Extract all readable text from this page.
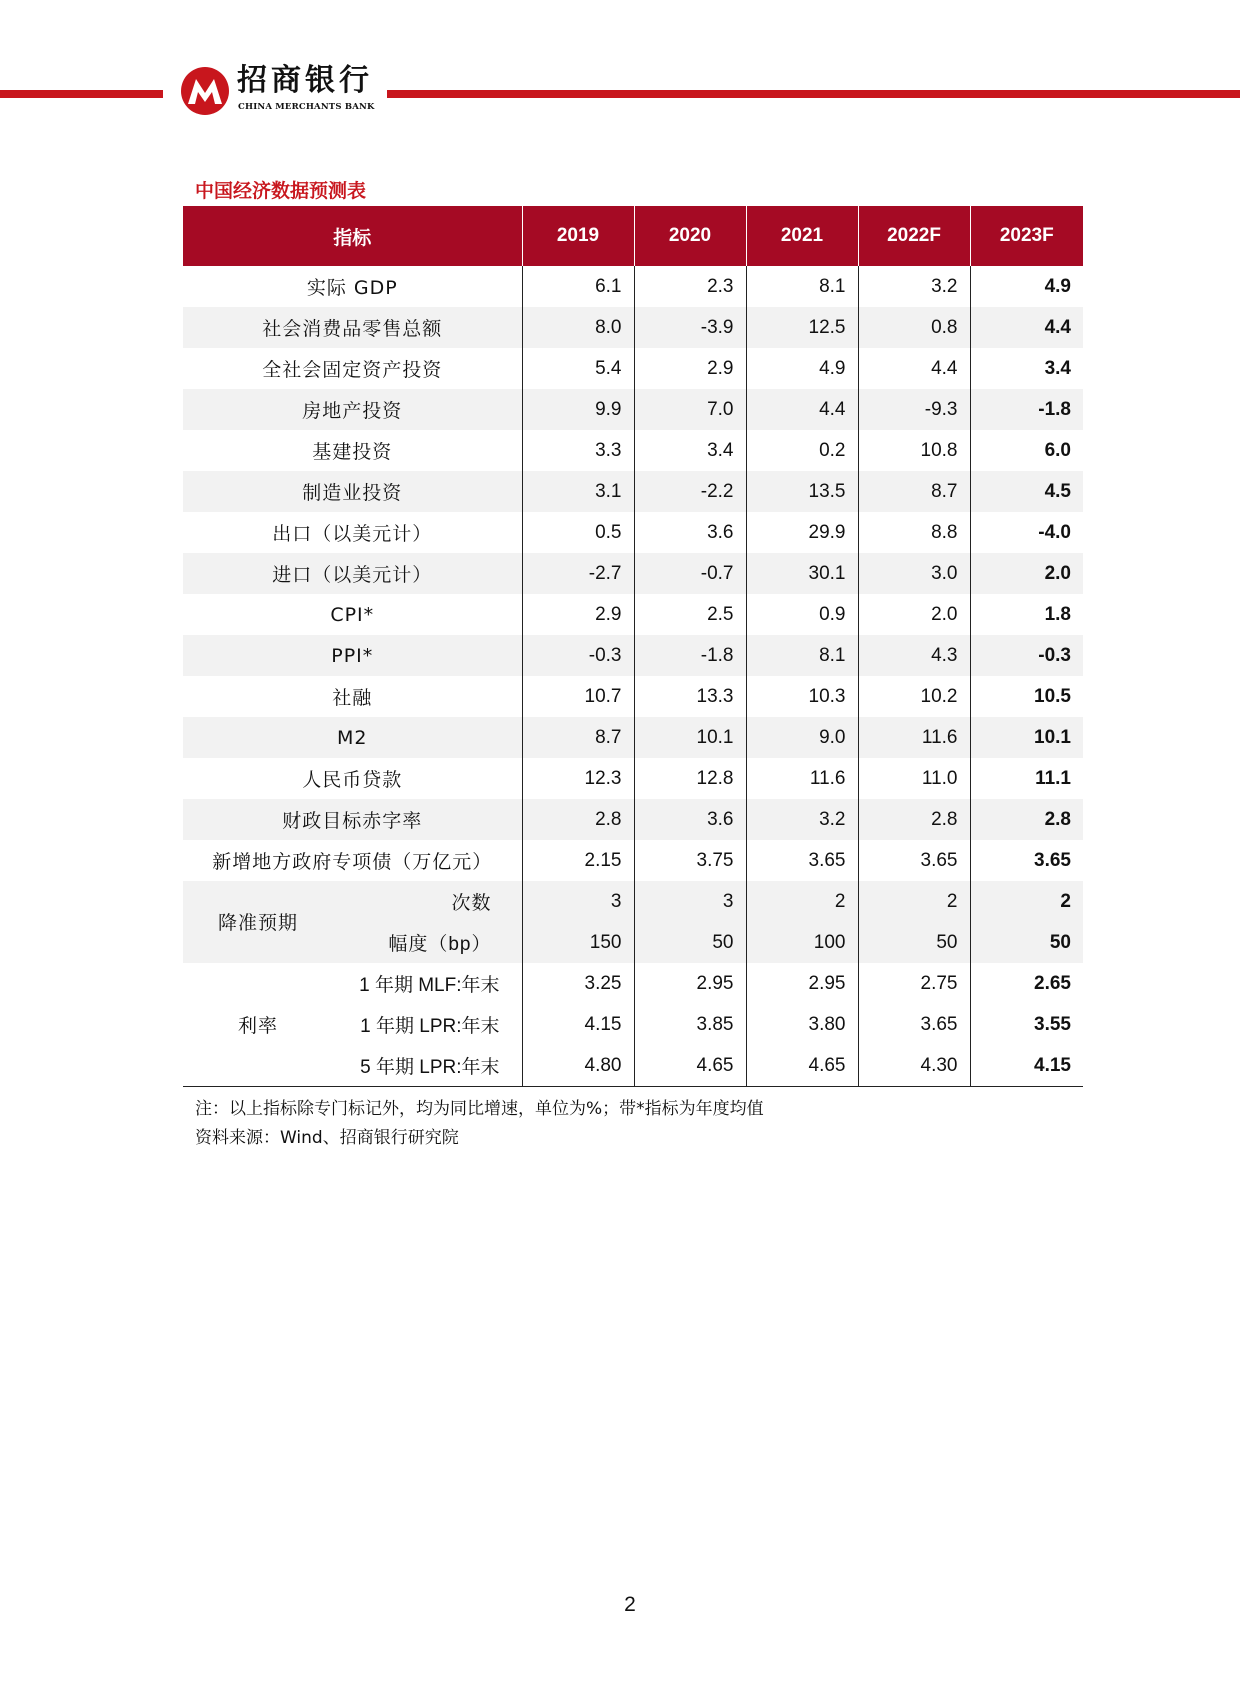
招商银行
CHINA MERCHANTS BANK
中国经济数据预测表
指标	2019	2020	2021	2022F	2023F
实际 GDP	6.1	2.3	8.1	3.2	4.9
社会消费品零售总额	8.0	-3.9	12.5	0.8	4.4
全社会固定资产投资	5.4	2.9	4.9	4.4	3.4
房地产投资	9.9	7.0	4.4	-9.3	-1.8
基建投资	3.3	3.4	0.2	10.8	6.0
制造业投资	3.1	-2.2	13.5	8.7	4.5
出口（以美元计）	0.5	3.6	29.9	8.8	-4.0
进口（以美元计）	-2.7	-0.7	30.1	3.0	2.0
CPI*	2.9	2.5	0.9	2.0	1.8
PPI*	-0.3	-1.8	8.1	4.3	-0.3
社融	10.7	13.3	10.3	10.2	10.5
M2	8.7	10.1	9.0	11.6	10.1
人民币贷款	12.3	12.8	11.6	11.0	11.1
财政目标赤字率	2.8	3.6	3.2	2.8	2.8
新增地方政府专项债（万亿元）	2.15	3.75	3.65	3.65	3.65

降准预期
次数	3	3	2	2	2

幅度（bp）	150	50	100	50	50

1 年期 MLF:年末	3.25	2.95	2.95	2.75	2.65

利率 1 年期 LPR:年末	4.15	3.85	3.80	3.65	3.55

5 年期 LPR:年末	4.80	4.65	4.65	4.30	4.15
注：以上指标除专门标记外，均为同比增速，单位为%；带*指标为年度均值
资料来源：Wind、招商银行研究院
2
